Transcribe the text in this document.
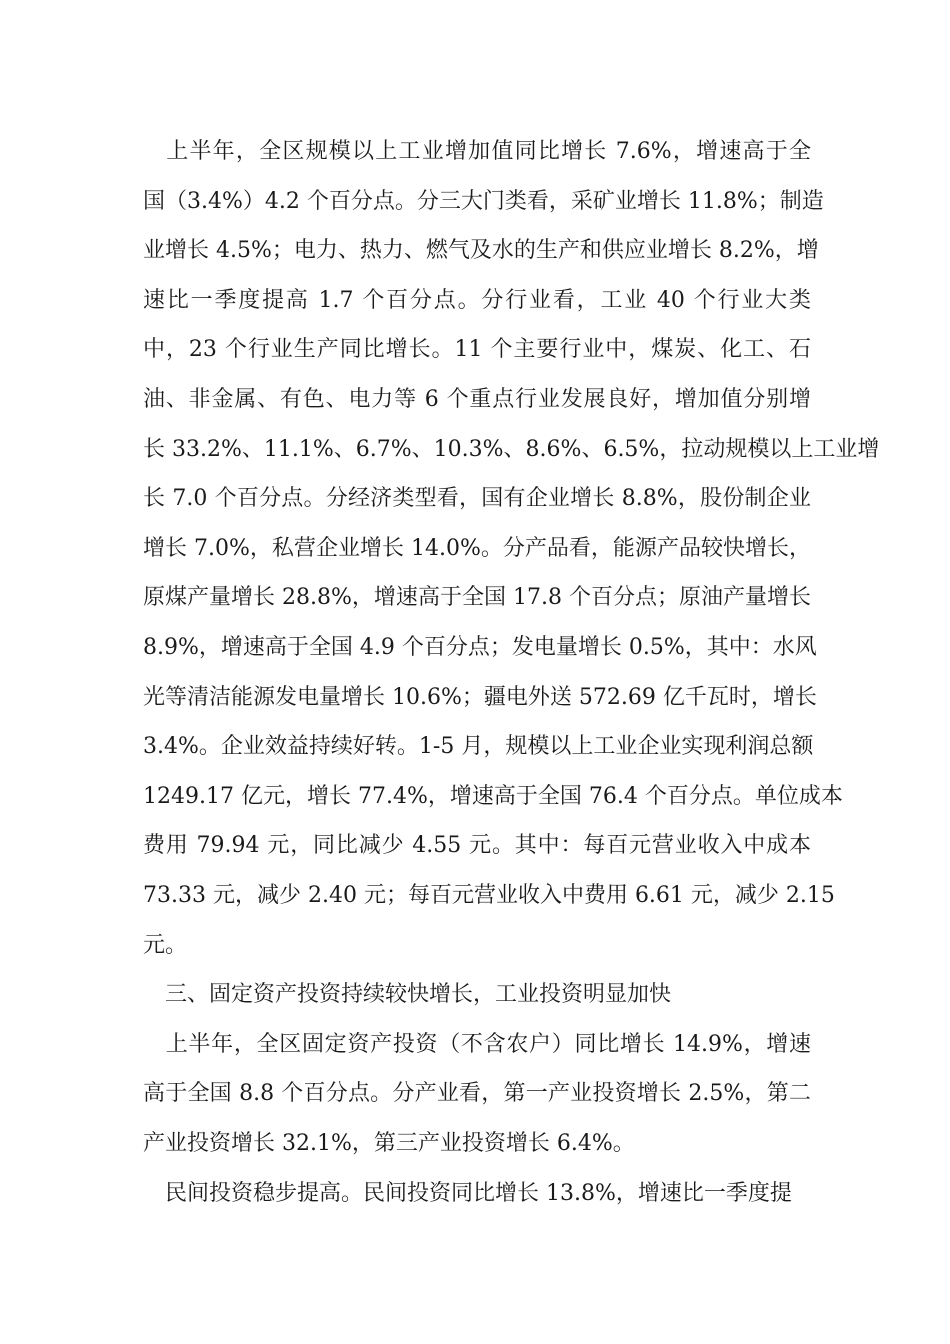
　上半年，全区规模以上工业增加值同比增长 7.6%，增速高于全
国（3.4%）4.2 个百分点。分三大门类看，采矿业增长 11.8%；制造
业增长 4.5%；电力、热力、燃气及水的生产和供应业增长 8.2%，增
速比一季度提高 1.7 个百分点。分行业看，工业 40 个行业大类
中，23 个行业生产同比增长。11 个主要行业中，煤炭、化工、石
油、非金属、有色、电力等 6 个重点行业发展良好，增加值分别增
长 33.2%、11.1%、6.7%、10.3%、8.6%、6.5%，拉动规模以上工业增
长 7.0 个百分点。分经济类型看，国有企业增长 8.8%，股份制企业
增长 7.0%，私营企业增长 14.0%。分产品看，能源产品较快增长，
原煤产量增长 28.8%，增速高于全国 17.8 个百分点；原油产量增长
8.9%，增速高于全国 4.9 个百分点；发电量增长 0.5%，其中：水风
光等清洁能源发电量增长 10.6%；疆电外送 572.69 亿千瓦时，增长
3.4%。企业效益持续好转。1-5 月，规模以上工业企业实现利润总额
1249.17 亿元，增长 77.4%，增速高于全国 76.4 个百分点。单位成本
费用 79.94 元，同比减少 4.55 元。其中：每百元营业收入中成本
73.33 元，减少 2.40 元；每百元营业收入中费用 6.61 元，减少 2.15
元。
　三、固定资产投资持续较快增长，工业投资明显加快
　上半年，全区固定资产投资（不含农户）同比增长 14.9%，增速
高于全国 8.8 个百分点。分产业看，第一产业投资增长 2.5%，第二
产业投资增长 32.1%，第三产业投资增长 6.4%。
　民间投资稳步提高。民间投资同比增长 13.8%，增速比一季度提
